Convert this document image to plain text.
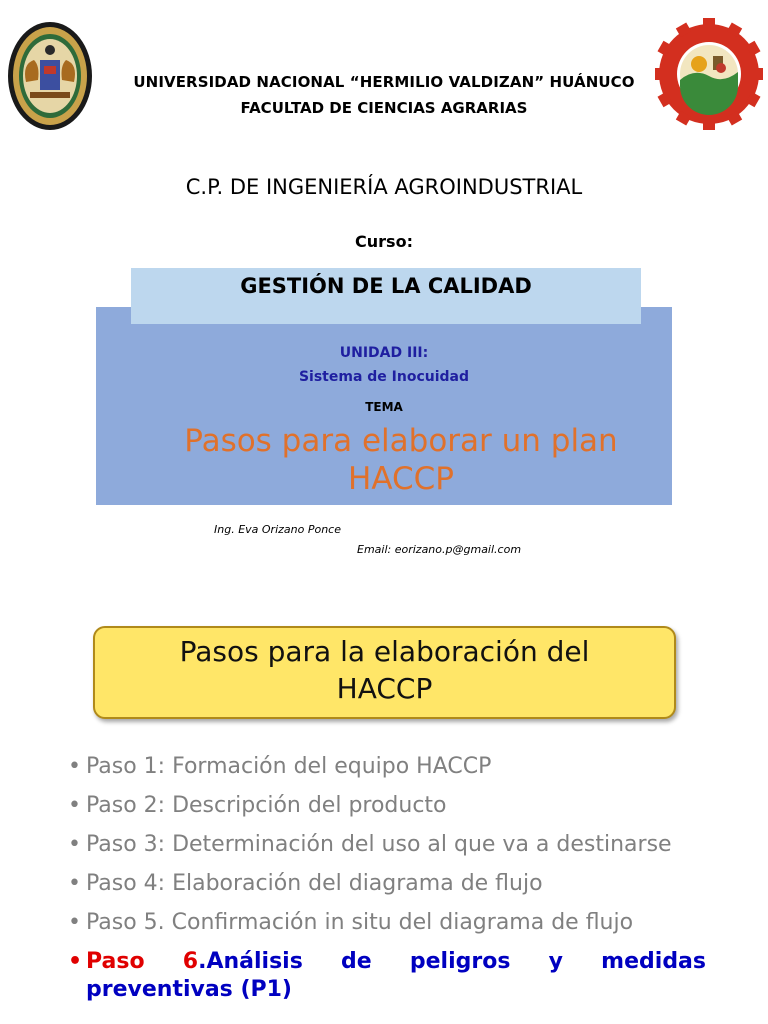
UNIVERSIDAD NACIONAL “HERMILIO VALDIZAN” HUÁNUCO
FACULTAD DE CIENCIAS AGRARIAS
C.P. DE INGENIERÍA AGROINDUSTRIAL
Curso:
GESTIÓN DE LA CALIDAD
UNIDAD III:
Sistema de Inocuidad
TEMA
Pasos para elaborar un plan
HACCP
Ing. Eva Orizano Ponce
Email: eorizano.p@gmail.com
Pasos para la elaboración del
HACCP
• Paso 1: Formación del equipo HACCP
• Paso 2: Descripción del producto
• Paso 3: Determinación del uso al que va a destinarse
• Paso 4: Elaboración del diagrama de flujo
• Paso 5. Confirmación in situ del diagrama de flujo
• Paso 6.Análisis de peligros y medidas preventivas (P1)
